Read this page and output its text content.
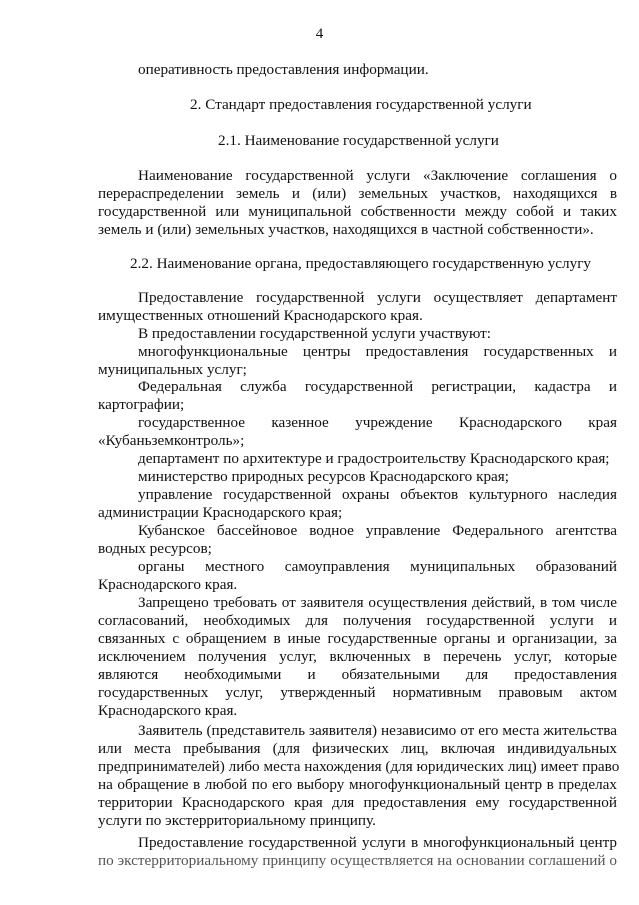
4
оперативность предоставления информации.
2. Стандарт предоставления государственной услуги
2.1. Наименование государственной услуги
Наименование государственной услуги «Заключение соглашения о
перераспределении земель и (или) земельных участков, находящихся в
государственной или муниципальной собственности между собой и таких
земель и (или) земельных участков, находящихся в частной собственности».
2.2. Наименование органа, предоставляющего государственную услугу
Предоставление государственной услуги осуществляет департамент
имущественных отношений Краснодарского края.
В предоставлении государственной услуги участвуют:
многофункциональные центры предоставления государственных и
муниципальных услуг;
Федеральная служба государственной регистрации, кадастра и
картографии;
государственное казенное учреждение Краснодарского края
«Кубаньземконтроль»;
департамент по архитектуре и градостроительству Краснодарского края;
министерство природных ресурсов Краснодарского края;
управление государственной охраны объектов культурного наследия
администрации Краснодарского края;
Кубанское бассейновое водное управление Федерального агентства
водных ресурсов;
органы местного самоуправления муниципальных образований
Краснодарского края.
Запрещено требовать от заявителя осуществления действий, в том числе
согласований, необходимых для получения государственной услуги и
связанных с обращением в иные государственные органы и организации, за
исключением получения услуг, включенных в перечень услуг, которые
являются необходимыми и обязательными для предоставления
государственных услуг, утвержденный нормативным правовым актом
Краснодарского края.
Заявитель (представитель заявителя) независимо от его места жительства
или места пребывания (для физических лиц, включая индивидуальных
предпринимателей) либо места нахождения (для юридических лиц) имеет право
на обращение в любой по его выбору многофункциональный центр в пределах
территории Краснодарского края для предоставления ему государственной
услуги по экстерриториальному принципу.
Предоставление государственной услуги в многофункциональный центр
по экстерриториальному принципу осуществляется на основании соглашений о
